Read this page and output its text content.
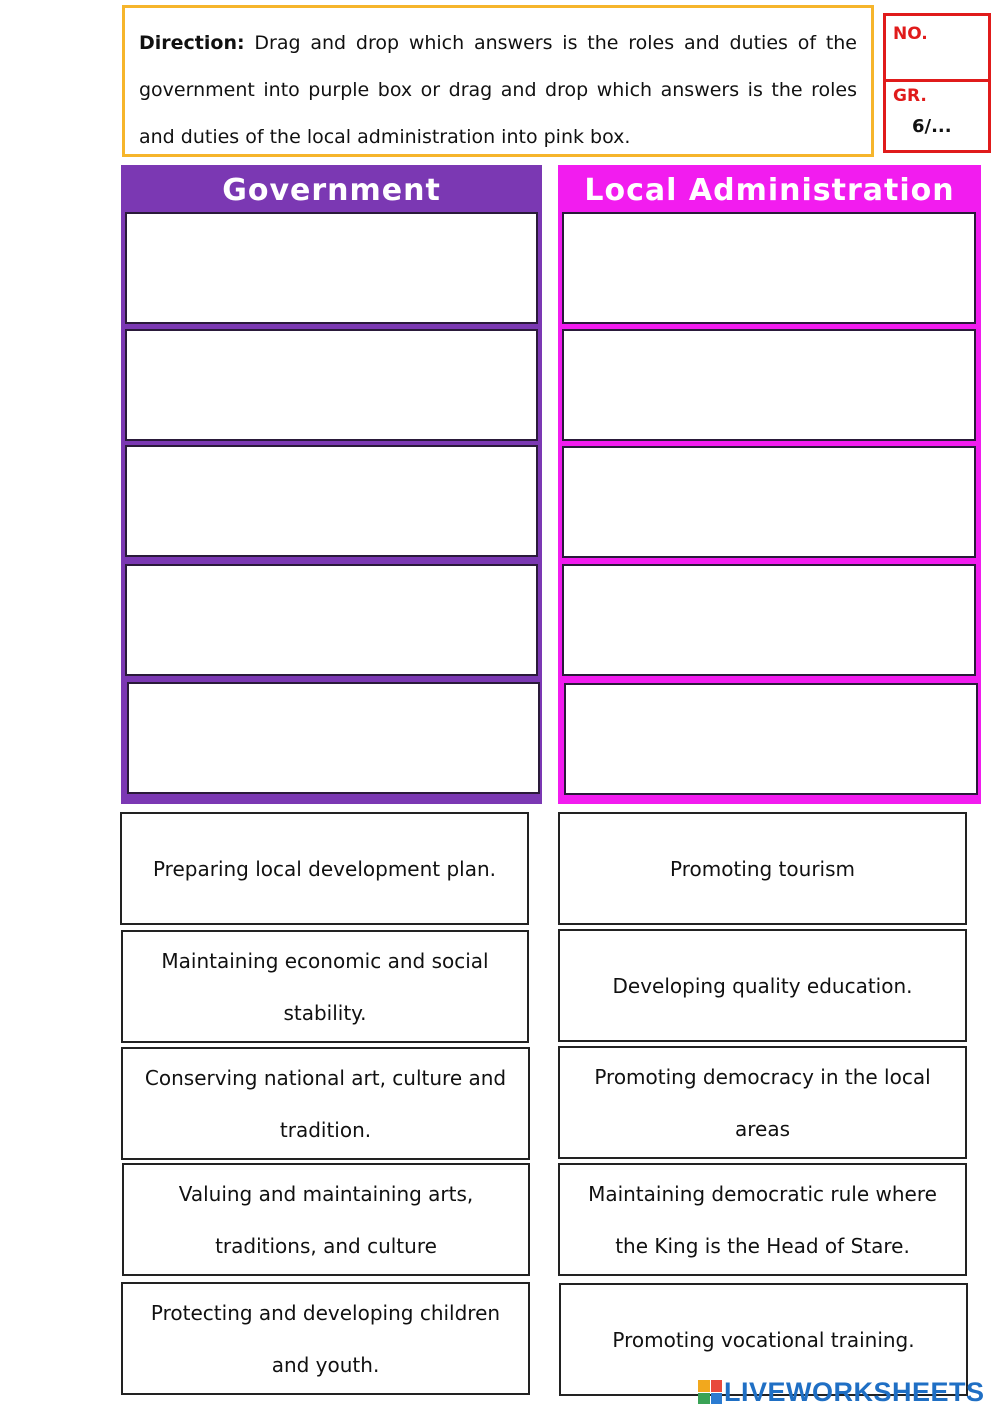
Direction: Drag and drop which answers is the roles and duties of the government into purple box or drag and drop which answers is the roles and duties of the local administration into pink box.
NO.
GR.
6/...
Government	Local Administration
Preparing local development plan.	Promoting tourism
Maintaining economic and social stability.
Developing quality education.
Conserving national art, culture and tradition.
Promoting democracy in the local areas
Valuing and maintaining arts, traditions, and culture
Maintaining democratic rule where the King is the Head of Stare.
Protecting and developing children and youth.
Promoting vocational training.
LIVEWORKSHEETS
